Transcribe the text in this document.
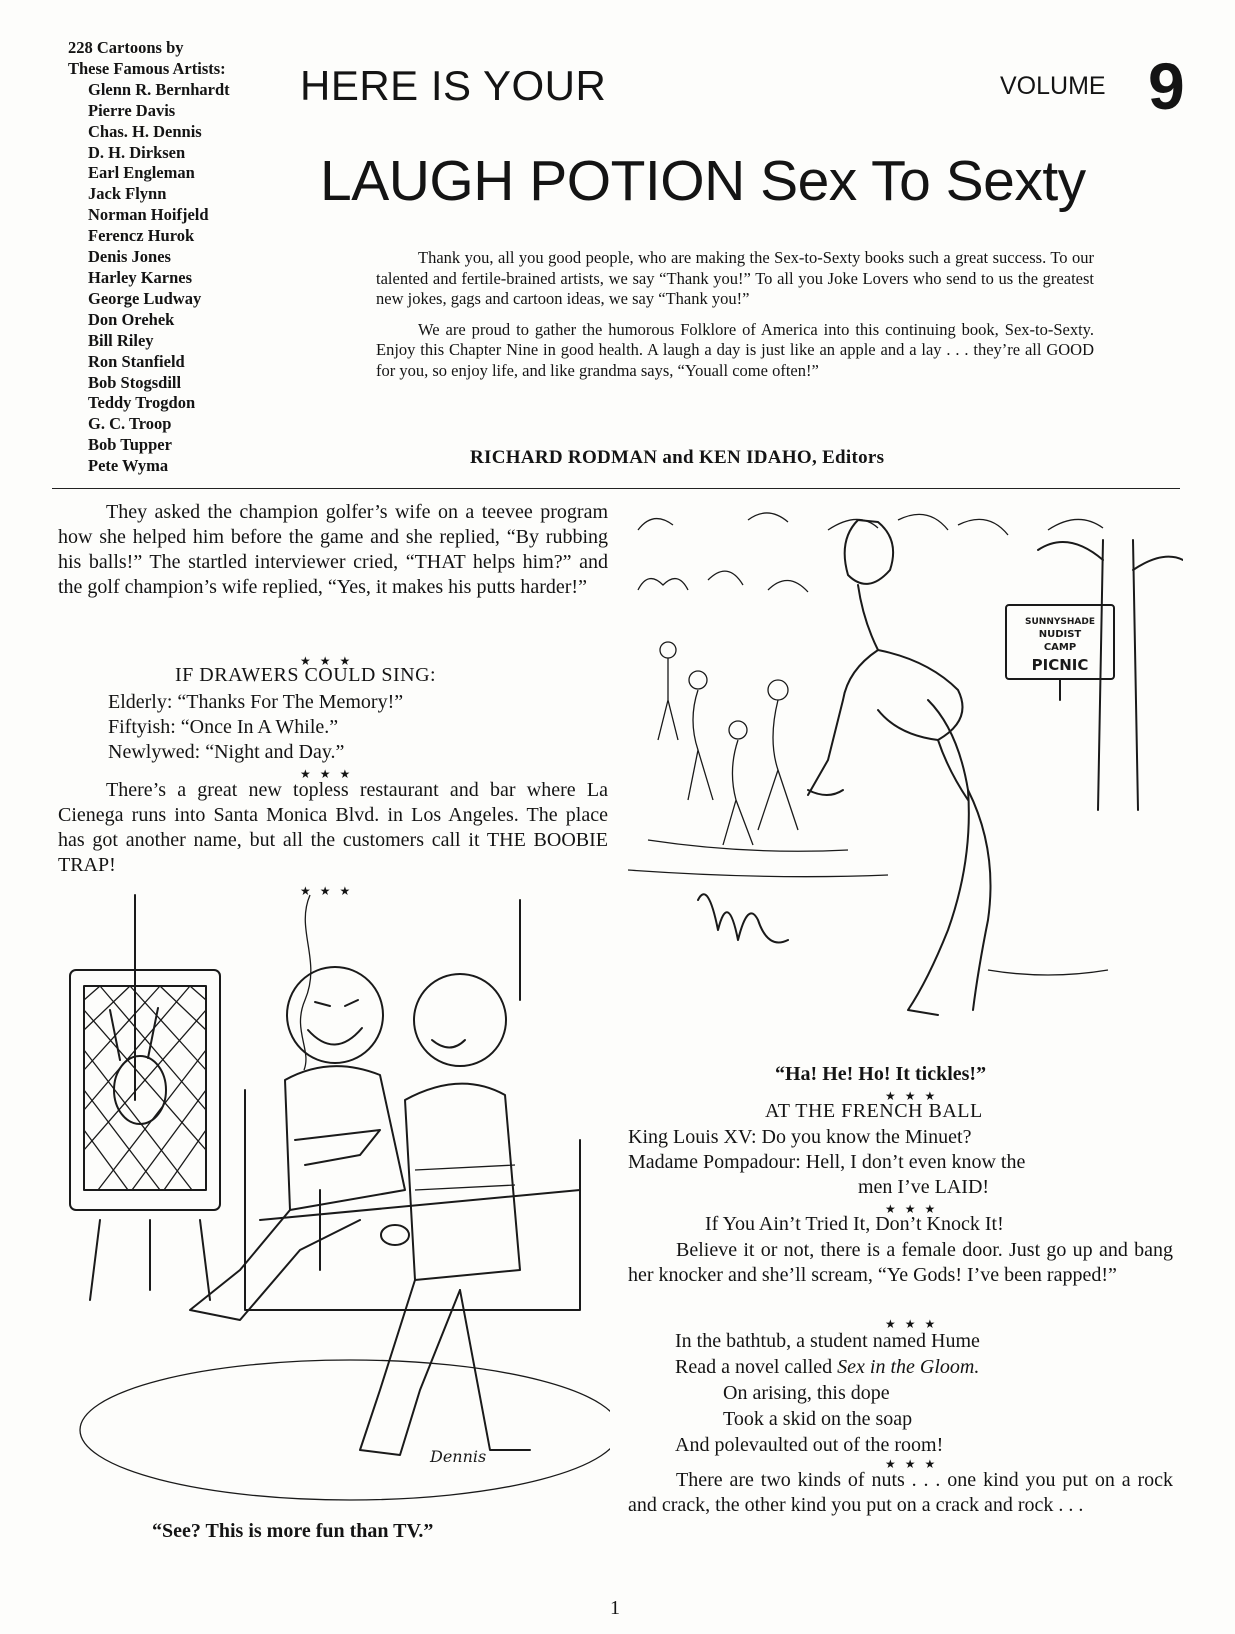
228 Cartoons by
These Famous Artists:
Glenn R. Bernhardt
Pierre Davis
Chas. H. Dennis
D. H. Dirksen
Earl Engleman
Jack Flynn
Norman Hoifjeld
Ferencz Hurok
Denis Jones
Harley Karnes
George Ludway
Don Orehek
Bill Riley
Ron Stanfield
Bob Stogsdill
Teddy Trogdon
G. C. Troop
Bob Tupper
Pete Wyma
HERE IS YOUR	VOLUME 9
LAUGH POTION Sex To Sexty

Thank you, all you good people, who are making the Sex-to-Sexty books such a great success. To our talented and fertile-brained artists, we say “Thank you!” To all you Joke Lovers who send to us the greatest new jokes, gags and cartoon ideas, we say “Thank you!”

We are proud to gather the humorous Folklore of America into this continuing book, Sex-to-Sexty. Enjoy this Chapter Nine in good health. A laugh a day is just like an apple and a lay . . . they’re all GOOD for you, so enjoy life, and like grandma says, “Youall come often!”

RICHARD RODMAN and KEN IDAHO, Editors

They asked the champion golfer’s wife on a teevee program how she helped him before the game and she replied, “By rubbing his balls!” The startled interviewer cried, “THAT helps him?” and the golf champion’s wife replied, “Yes, it makes his putts harder!”

★ ★ ★
IF DRAWERS COULD SING:
Elderly: “Thanks For The Memory!”
Fiftyish: “Once In A While.”
Newlywed: “Night and Day.”
★ ★ ★

There’s a great new topless restaurant and bar where La Cienega runs into Santa Monica Blvd. in Los Angeles. The place has got another name, but all the customers call it THE BOOBIE TRAP!

★ ★ ★
Dennis
“See? This is more fun than TV.”
SUNNYSHADE
NUDIST
CAMP
PICNIC
“Ha! He! Ho! It tickles!”
★ ★ ★
AT THE FRENCH BALL
King Louis XV: Do you know the Minuet?
Madame Pompadour: Hell, I don’t even know the
men I’ve LAID!
★ ★ ★
If You Ain’t Tried It, Don’t Knock It!

Believe it or not, there is a female door. Just go up and bang her knocker and she’ll scream, “Ye Gods! I’ve been rapped!”

★ ★ ★
In the bathtub, a student named Hume
Read a novel called Sex in the Gloom.
On arising, this dope
Took a skid on the soap
And polevaulted out of the room!
★ ★ ★

There are two kinds of nuts . . . one kind you put on a rock and crack, the other kind you put on a crack and rock . . .

1
